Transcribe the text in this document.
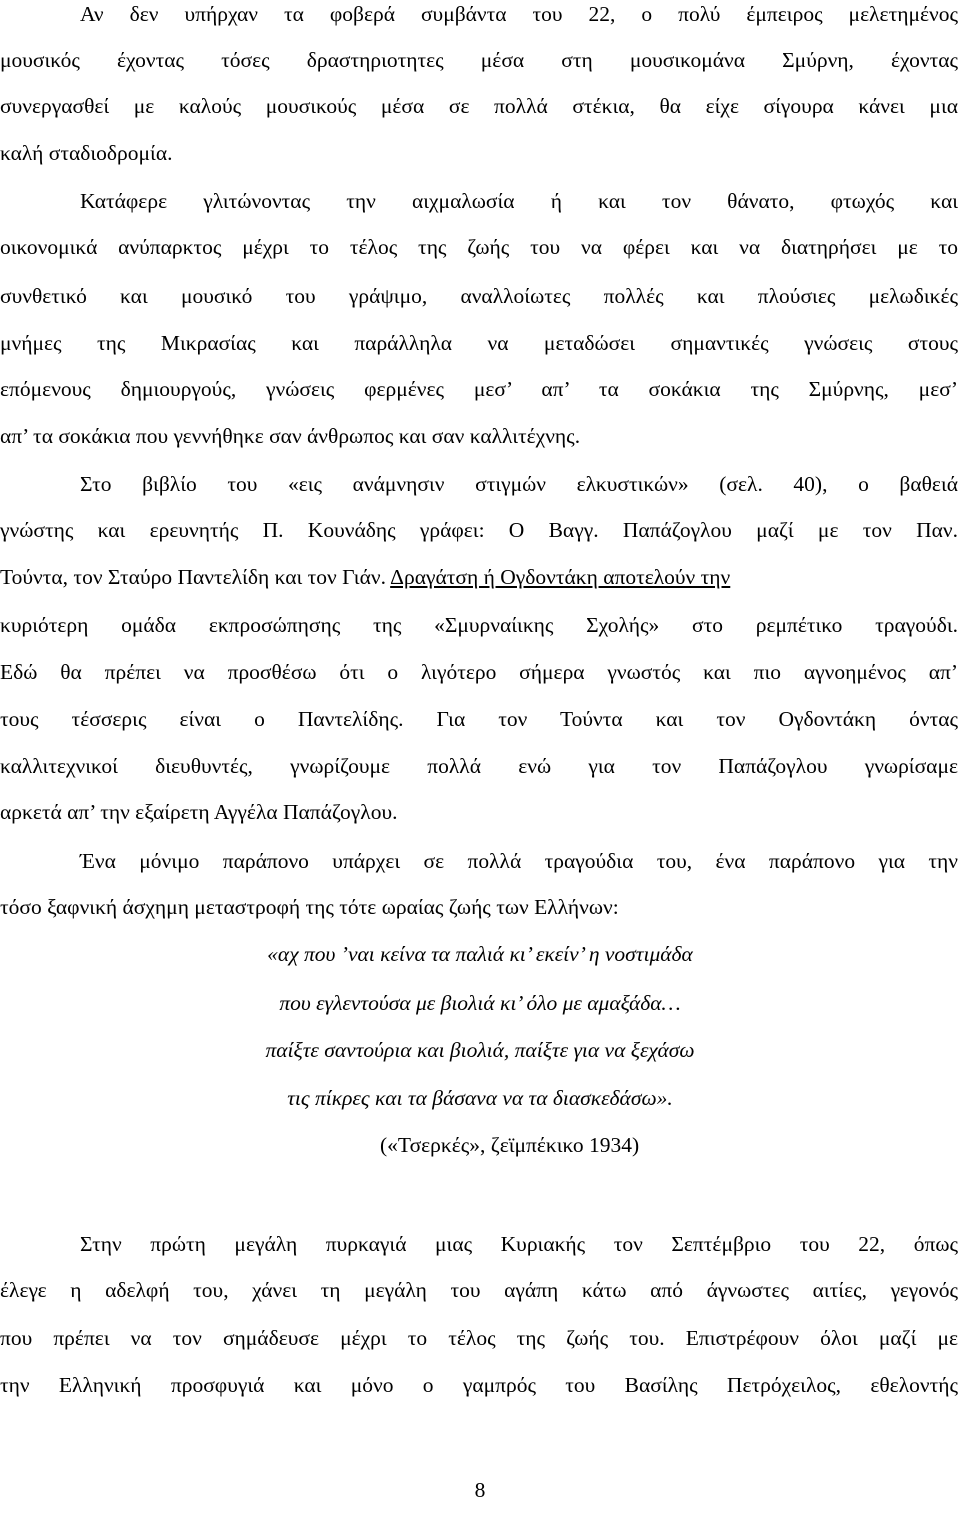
Αν δεν υπήρχαν τα φοβερά συμβάντα του 22, ο πολύ έμπειρος μελετημένος
μουσικός έχοντας τόσες δραστηριοτητες μέσα στη μουσικομάνα Σμύρνη, έχοντας
συνεργασθεί με καλούς μουσικούς μέσα σε πολλά στέκια, θα είχε σίγουρα κάνει μια
καλή σταδιοδρομία.
Κατάφερε γλιτώνοντας την αιχμαλωσία ή και τον θάνατο, φτωχός και
οικονομικά ανύπαρκτος μέχρι το τέλος της ζωής του να φέρει και να διατηρήσει με το
συνθετικό και μουσικό του γράψιμο, αναλλοίωτες πολλές και πλούσιες μελωδικές
μνήμες της Μικρασίας και παράλληλα να μεταδώσει σημαντικές γνώσεις στους
επόμενους δημιουργούς, γνώσεις φερμένες μεσ’ απ’ τα σοκάκια της Σμύρνης, μεσ’
απ’ τα σοκάκια που γεννήθηκε σαν άνθρωπος και σαν καλλιτέχνης.
Στο βιβλίο του «εις ανάμνησιν στιγμών ελκυστικών» (σελ. 40), ο βαθειά
γνώστης και ερευνητής Π. Κουνάδης γράφει: Ο Βαγγ. Παπάζογλου μαζί με τον Παν.
Τούντα, τον Σταύρο Παντελίδη και τον Γιάν. Δραγάτση ή Ογδοντάκη αποτελούν την
κυριότερη ομάδα εκπροσώπησης της «Σμυρναίικης Σχολής» στο ρεμπέτικο τραγούδι.
Εδώ θα πρέπει να προσθέσω ότι ο λιγότερο σήμερα γνωστός και πιο αγνοημένος απ’
τους τέσσερις είναι ο Παντελίδης. Για τον Τούντα και τον Ογδοντάκη όντας
καλλιτεχνικοί διευθυντές, γνωρίζουμε πολλά ενώ για τον Παπάζογλου γνωρίσαμε
αρκετά απ’ την εξαίρετη Αγγέλα Παπάζογλου.
Ένα μόνιμο παράπονο υπάρχει σε πολλά τραγούδια του, ένα παράπονο για την
τόσο ξαφνική άσχημη μεταστροφή της τότε ωραίας ζωής των Ελλήνων:
«αχ που ’ναι κείνα τα παλιά κι’ εκείν’ η νοστιμάδα
που εγλεντούσα με βιολιά κι’ όλο με αμαξάδα…
παίξτε σαντούρια και βιολιά, παίξτε για να ξεχάσω
τις πίκρες και τα βάσανα να τα διασκεδάσω».
(«Τσερκές», ζεϊμπέκικο 1934)
Στην πρώτη μεγάλη πυρκαγιά μιας Κυριακής τον Σεπτέμβριο του 22, όπως
έλεγε η αδελφή του, χάνει τη μεγάλη του αγάπη κάτω από άγνωστες αιτίες, γεγονός
που πρέπει να τον σημάδευσε μέχρι το τέλος της ζωής του. Επιστρέφουν όλοι μαζί με
την Ελληνική προσφυγιά και μόνο ο γαμπρός του Βασίλης Πετρόχειλος, εθελοντής
8
